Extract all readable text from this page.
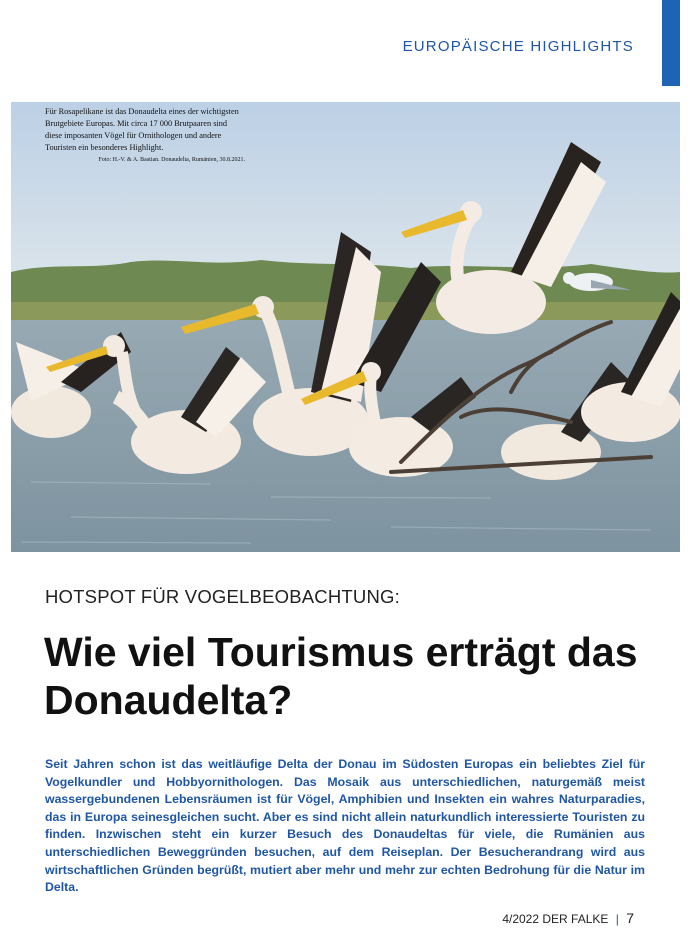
EUROPÄISCHE HIGHLIGHTS
Für Rosapelikane ist das Donaudelta eines der wichtigsten Brutgebiete Europas. Mit circa 17 000 Brutpaaren sind diese imposanten Vögel für Ornithologen und andere Touristen ein besonderes Highlight.
Foto: H.-V. & A. Bastian. Donaudelta, Rumänien, 30.8.2021.
HOTSPOT FÜR VOGELBEOBACHTUNG:
Wie viel Tourismus erträgt das Donaudelta?

Seit Jahren schon ist das weitläufige Delta der Donau im Südosten Europas ein beliebtes Ziel für Vogelkundler und Hobbyornithologen. Das Mosaik aus unterschiedlichen, naturgemäß meist wassergebundenen Lebensräumen ist für Vögel, Amphibien und Insekten ein wahres Naturparadies, das in Europa seinesgleichen sucht. Aber es sind nicht allein naturkundlich interessierte Touristen zu finden. Inzwischen steht ein kurzer Besuch des Donaudeltas für viele, die Rumänien aus unterschiedlichen Beweggründen besuchen, auf dem Reiseplan. Der Besucherandrang wird aus wirtschaftlichen Gründen begrüßt, mutiert aber mehr und mehr zur echten Bedrohung für die Natur im Delta.

4/2022 DER FALKE | 7
